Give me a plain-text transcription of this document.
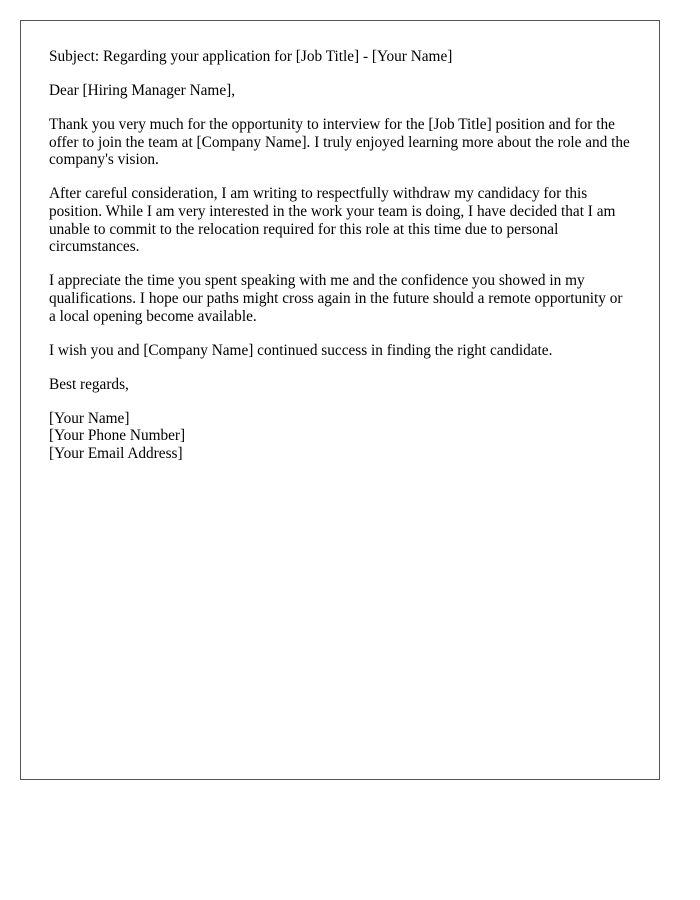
Subject: Regarding your application for [Job Title] - [Your Name]

Dear [Hiring Manager Name],

Thank you very much for the opportunity to interview for the [Job Title] position and for the offer to join the team at [Company Name]. I truly enjoyed learning more about the role and the company's vision.

After careful consideration, I am writing to respectfully withdraw my candidacy for this position. While I am very interested in the work your team is doing, I have decided that I am unable to commit to the relocation required for this role at this time due to personal circumstances.

I appreciate the time you spent speaking with me and the confidence you showed in my qualifications. I hope our paths might cross again in the future should a remote opportunity or a local opening become available.

I wish you and [Company Name] continued success in finding the right candidate.

Best regards,

[Your Name]
[Your Phone Number]
[Your Email Address]
